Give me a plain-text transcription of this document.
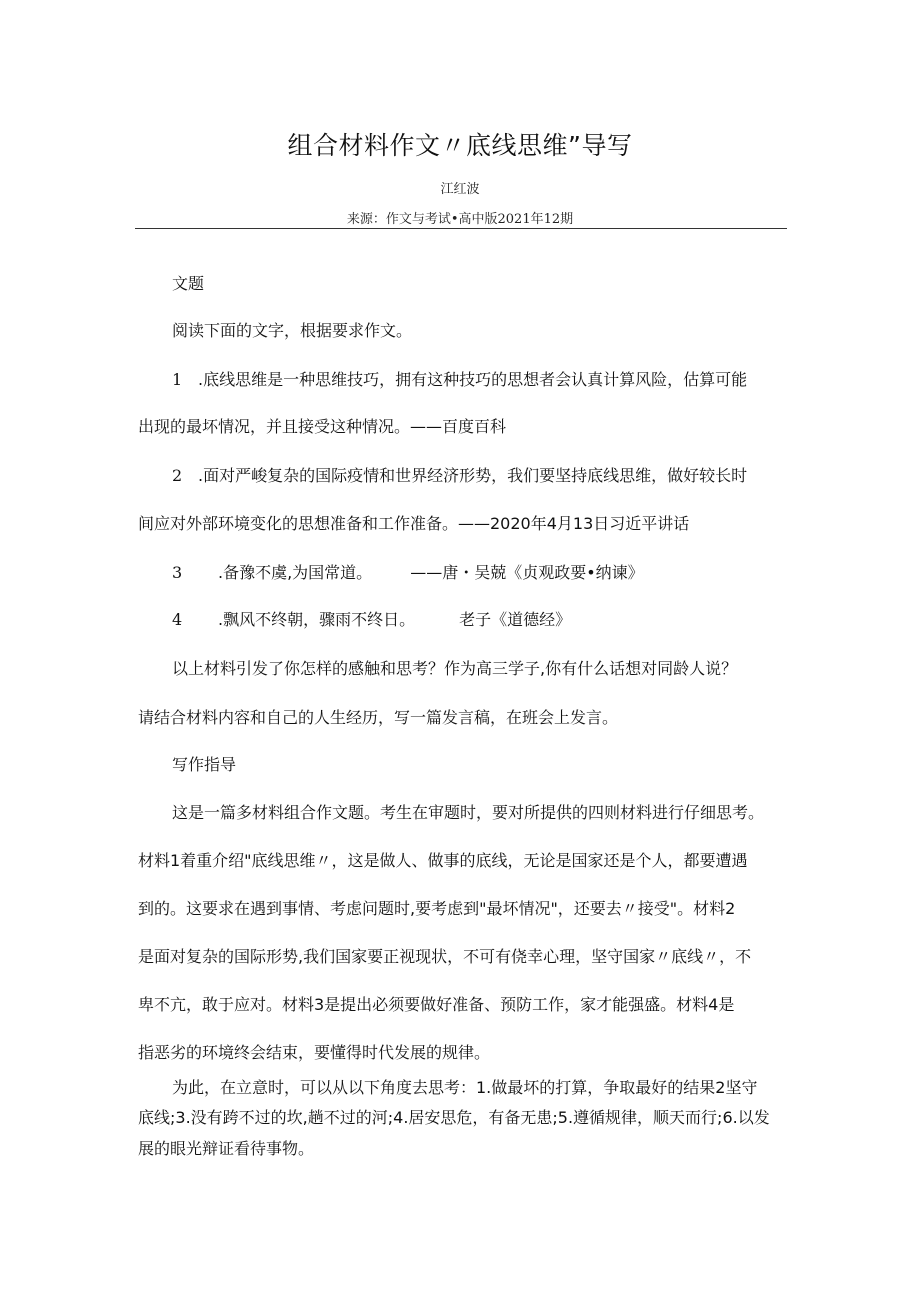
组合材料作文〃底线思维”导写
江红波
来源：作文与考试•高中版2021年12期
文题
阅读下面的文字，根据要求作文。
1 .底线思维是一种思维技巧，拥有这种技巧的思想者会认真计算风险，估算可能
出现的最坏情况，并且接受这种情况。——百度百科
2 .面对严峻复杂的国际疫情和世界经济形势，我们要坚持底线思维，做好较长时
间应对外部环境变化的思想准备和工作准备。——2020年4月13日习近平讲话
3 .备豫不虞,为国常道。 ——唐・吴兢《贞观政要•纳谏》
4 .飘风不终朝，骤雨不终日。	老子《道德经》
以上材料引发了你怎样的感触和思考？作为高三学子,你有什么话想对同龄人说？
请结合材料内容和自己的人生经历，写一篇发言稿，在班会上发言。
写作指导
这是一篇多材料组合作文题。考生在审题时，要对所提供的四则材料进行仔细思考。
材料1着重介绍"底线思维〃，这是做人、做事的底线，无论是国家还是个人，都要遭遇
到的。这要求在遇到事情、考虑问题时,要考虑到"最坏情况"，还要去〃接受"。材料2
是面对复杂的国际形势,我们国家要正视现状，不可有侥幸心理，坚守国家〃底线〃，不
卑不亢，敢于应对。材料3是提出必须要做好准备、预防工作，家才能强盛。材料4是
指恶劣的环境终会结束，要懂得时代发展的规律。
为此，在立意时，可以从以下角度去思考：1.做最坏的打算，争取最好的结果2坚守
底线;3.没有跨不过的坎,趟不过的河;4.居安思危，有备无患;5.遵循规律，顺天而行;6.以发
展的眼光辩证看待事物。
